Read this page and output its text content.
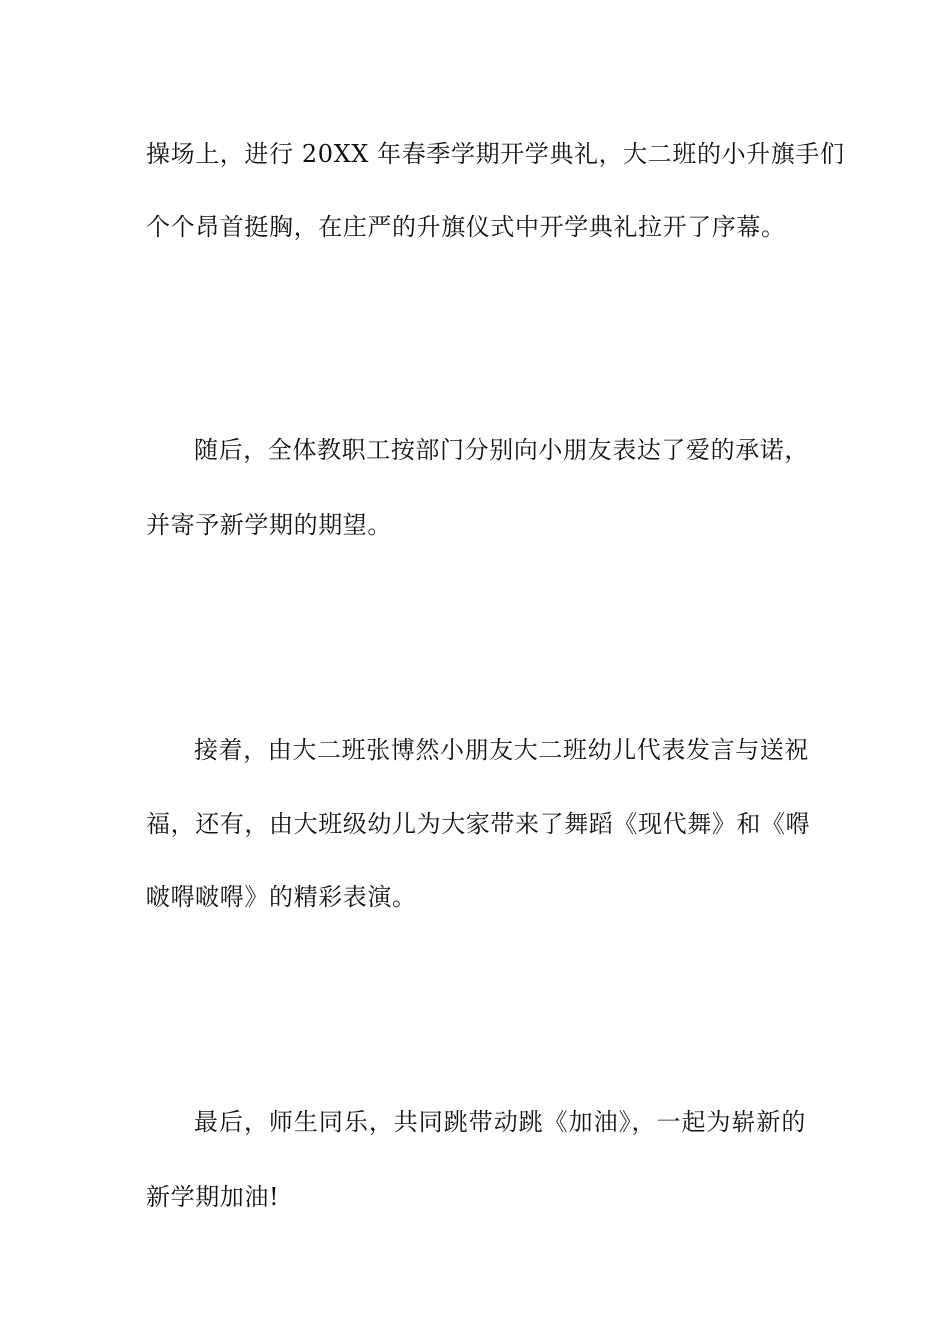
操场上，进行 20XX 年春季学期开学典礼，大二班的小升旗手们
个个昂首挺胸，在庄严的升旗仪式中开学典礼拉开了序幕。
随后，全体教职工按部门分别向小朋友表达了爱的承诺，
并寄予新学期的期望。
接着，由大二班张博然小朋友大二班幼儿代表发言与送祝
福，还有，由大班级幼儿为大家带来了舞蹈《现代舞》和《嘚
啵嘚啵嘚》的精彩表演。
最后，师生同乐，共同跳带动跳《加油》，一起为崭新的
新学期加油!
